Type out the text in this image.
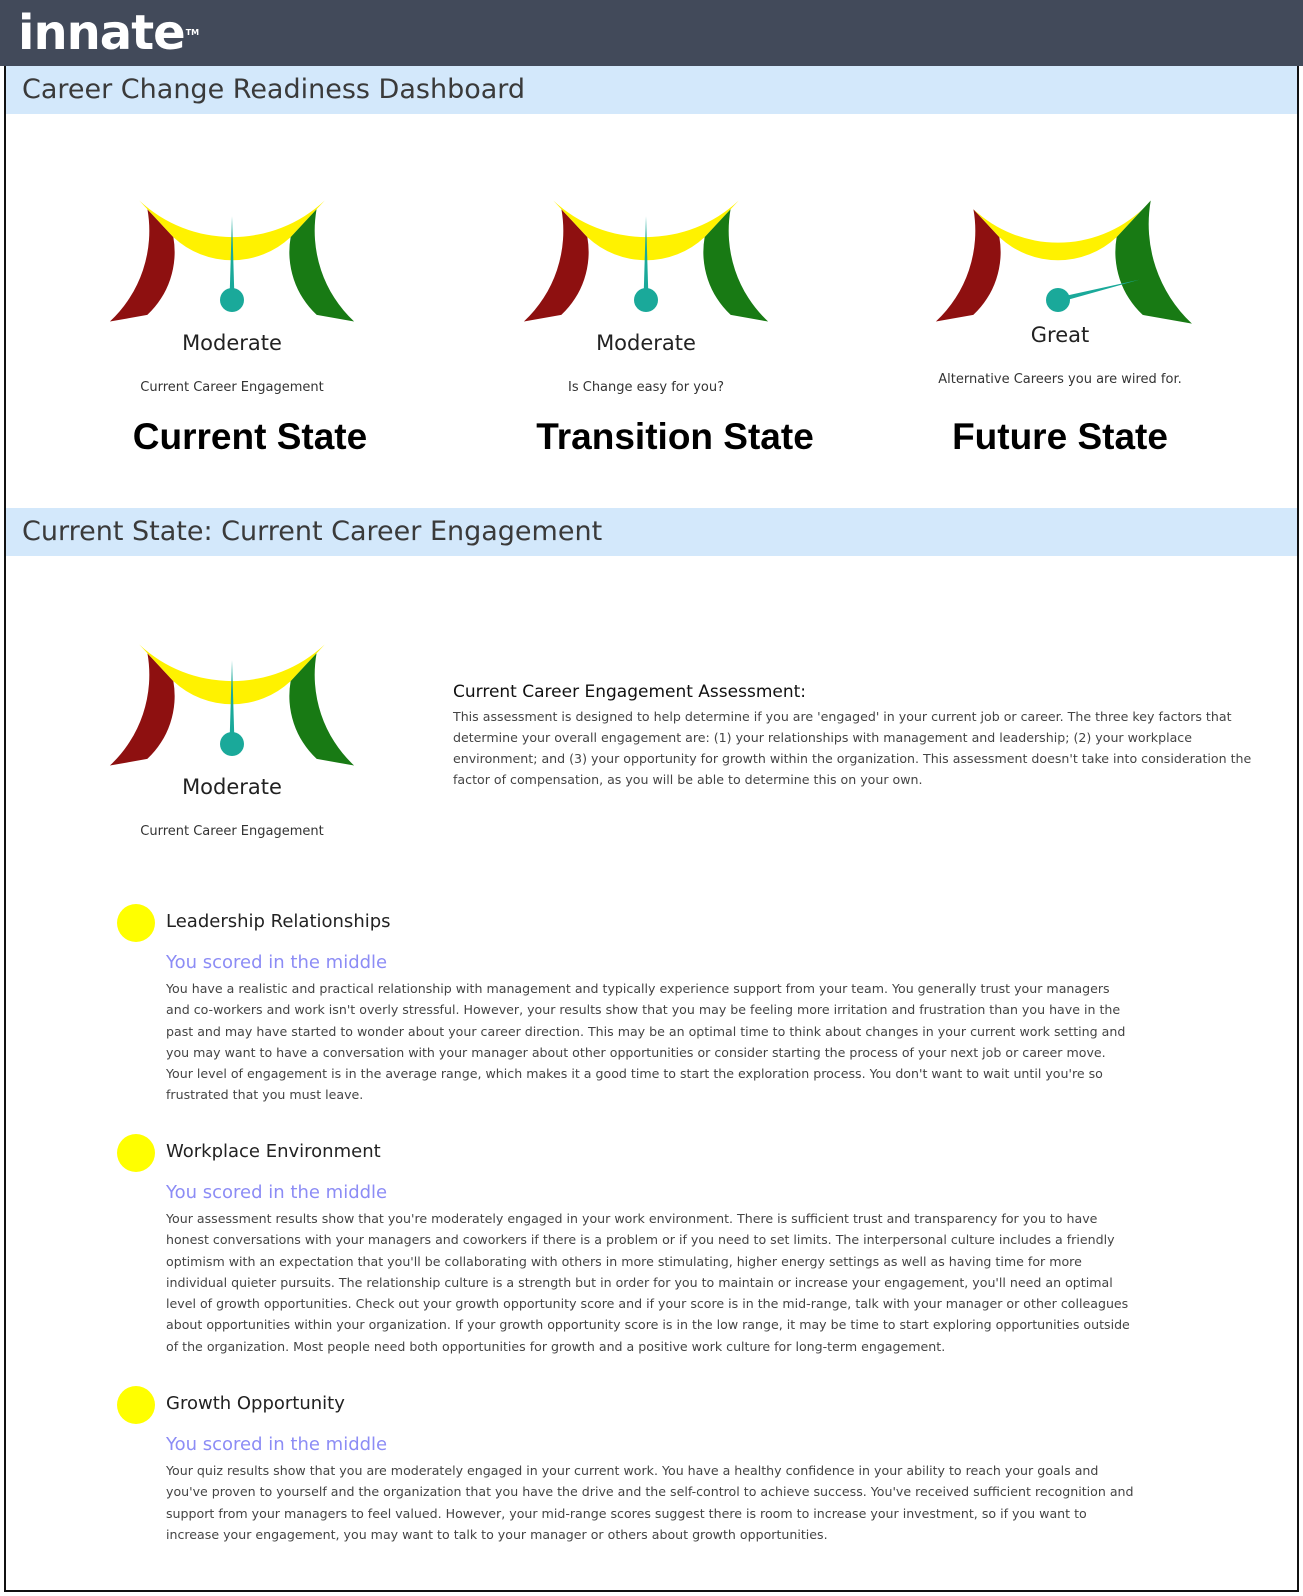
innateTM
Career Change Readiness Dashboard
Moderate
Current Career Engagement
Current State
Moderate
Is Change easy for you?
Transition State
Great
Alternative Careers you are wired for.
Future State
Current State: Current Career Engagement
Moderate
Current Career Engagement
Current Career Engagement Assessment:
This assessment is designed to help determine if you are 'engaged' in your current job or career. The three key factors that determine your overall engagement are: (1) your relationships with management and leadership; (2) your workplace environment; and (3) your opportunity for growth within the organization. This assessment doesn't take into consideration the factor of compensation, as you will be able to determine this on your own.
Leadership Relationships
You scored in the middle
You have a realistic and practical relationship with management and typically experience support from your team. You generally trust your managers and co-workers and work isn't overly stressful. However, your results show that you may be feeling more irritation and frustration than you have in the past and may have started to wonder about your career direction. This may be an optimal time to think about changes in your current work setting and you may want to have a conversation with your manager about other opportunities or consider starting the process of your next job or career move. Your level of engagement is in the average range, which makes it a good time to start the exploration process. You don't want to wait until you're so frustrated that you must leave.
Workplace Environment
You scored in the middle
Your assessment results show that you're moderately engaged in your work environment. There is sufficient trust and transparency for you to have honest conversations with your managers and coworkers if there is a problem or if you need to set limits. The interpersonal culture includes a friendly optimism with an expectation that you'll be collaborating with others in more stimulating, higher energy settings as well as having time for more individual quieter pursuits. The relationship culture is a strength but in order for you to maintain or increase your engagement, you'll need an optimal level of growth opportunities. Check out your growth opportunity score and if your score is in the mid-range, talk with your manager or other colleagues about opportunities within your organization. If your growth opportunity score is in the low range, it may be time to start exploring opportunities outside of the organization. Most people need both opportunities for growth and a positive work culture for long-term engagement.
Growth Opportunity
You scored in the middle
Your quiz results show that you are moderately engaged in your current work. You have a healthy confidence in your ability to reach your goals and you've proven to yourself and the organization that you have the drive and the self-control to achieve success. You've received sufficient recognition and support from your managers to feel valued. However, your mid-range scores suggest there is room to increase your investment, so if you want to increase your engagement, you may want to talk to your manager or others about growth opportunities.
